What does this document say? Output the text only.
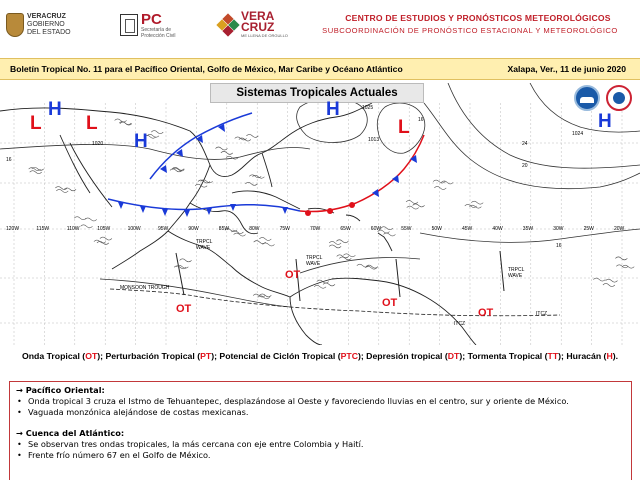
VERACRUZ
GOBIERNO
DEL ESTADO
PC
Secretaría de
Protección Civil
VERA
CRUZ
ME LLENA DE ORGULLO
CENTRO DE ESTUDIOS Y PRONÓSTICOS METEOROLÓGICOS
SUBCOORDINACIÓN DE PRONÓSTICO ESTACIONAL Y METEOROLÓGICO
Boletín Tropical No. 11 para el Pacífico Oriental, Golfo de México, Mar Caribe y Océano Atlántico	Xalapa, Ver., 11 de junio 2020
Sistemas Tropicales Actuales
H
H
H
H
L L	L
OT
OT
OT
OT
1025
1013
1020
1024
16
16
20
24
16
MONSOON TROUGH
TRPCL WAVE
TRPCL WAVE
TRPCL WAVE
ITCZ
ITCZ
120W	115W	110W	105W	100W	95W	90W	85W	80W	75W	70W	65W	60W	55W	50W	45W	40W	35W	30W	25W	20W
Onda Tropical (OT); Perturbación Tropical (PT); Potencial de Ciclón Tropical (PTC); Depresión tropical (DT); Tormenta Tropical (TT); Huracán (H).
→ Pacífico Oriental:
• Onda tropical 3 cruza el Istmo de Tehuantepec, desplazándose al Oeste y favoreciendo lluvias en el centro, sur y oriente de México.
• Vaguada monzónica alejándose de costas mexicanas.
→ Cuenca del Atlántico:
• Se observan tres ondas tropicales, la más cercana con eje entre Colombia y Haití.
• Frente frío número 67 en el Golfo de México.
